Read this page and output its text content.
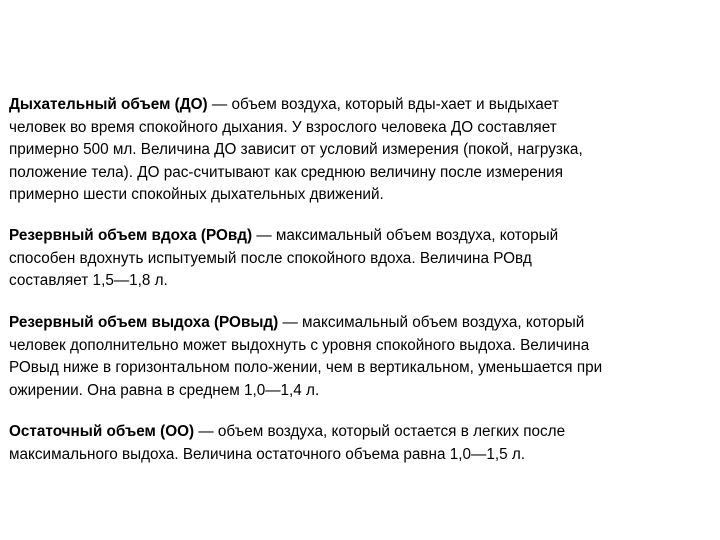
Дыхательный объем (ДО) — объем воздуха, который вды-хает и выдыхает
человек во время спокойного дыхания. У взрослого человека ДО составляет
примерно 500 мл. Величина ДО зависит от условий измерения (покой, нагрузка,
положение тела). ДО рас-считывают как среднюю величину после измерения
примерно шести спокойных дыхательных движений.

Резервный объем вдоха (РОвд) — максимальный объем воздуха, который
способен вдохнуть испытуемый после спокойного вдоха. Величина РОвд
составляет 1,5—1,8 л.

Резервный объем выдоха (РОвыд) — максимальный объем воздуха, который
человек дополнительно может выдохнуть с уровня спокойного выдоха. Величина
РОвыд ниже в горизонтальном поло-жении, чем в вертикальном, уменьшается при
ожирении. Она равна в среднем 1,0—1,4 л.

Остаточный объем (ОО) — объем воздуха, который остается в легких после
максимального выдоха. Величина остаточного объема равна 1,0—1,5 л.
